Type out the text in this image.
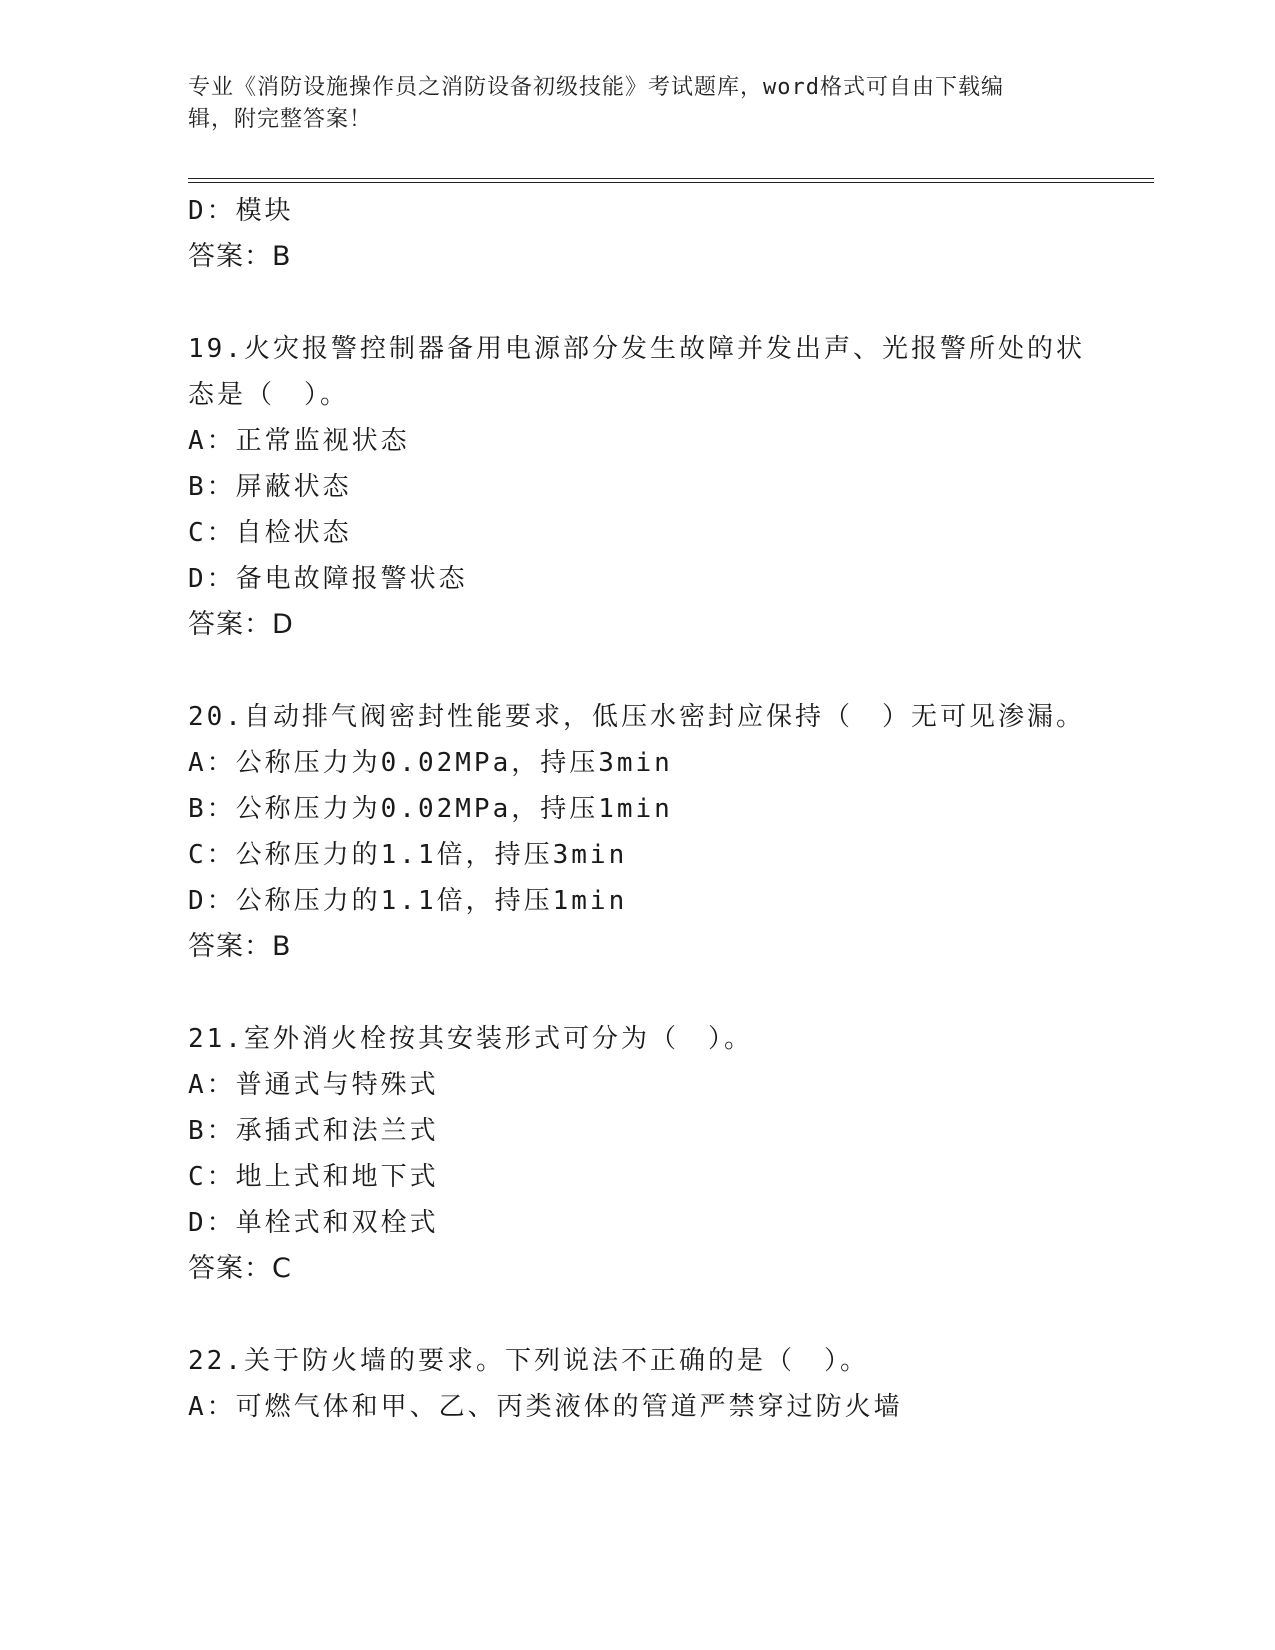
专业《消防设施操作员之消防设备初级技能》考试题库，word格式可自由下载编
辑，附完整答案！
D：模块
答案：B
19.火灾报警控制器备用电源部分发生故障并发出声、光报警所处的状
态是（　）。
A：正常监视状态
B：屏蔽状态
C：自检状态
D：备电故障报警状态
答案：D
20.自动排气阀密封性能要求，低压水密封应保持（　）无可见渗漏。
A：公称压力为0.02MPa，持压3min
B：公称压力为0.02MPa，持压1min
C：公称压力的1.1倍，持压3min
D：公称压力的1.1倍，持压1min
答案：B
21.室外消火栓按其安装形式可分为（　）。
A：普通式与特殊式
B：承插式和法兰式
C：地上式和地下式
D：单栓式和双栓式
答案：C
22.关于防火墙的要求。下列说法不正确的是（　）。
A：可燃气体和甲、乙、丙类液体的管道严禁穿过防火墙
